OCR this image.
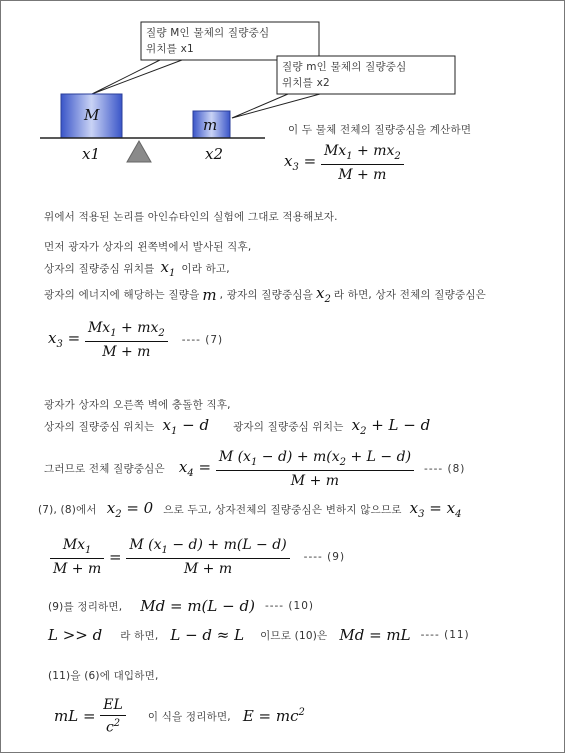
질량 M인 물체의 질량중심
위치를 x1
질량 m인 물체의 질량중심
위치를 x2
M
m
x1	x2
이 두 물체 전체의 질량중심을 계산하면
$x_3 = \frac{Mx_1 + mx_2}{M + m}$
위에서 적용된 논리를 아인슈타인의 실험에 그대로 적용해보자.
먼저 광자가 상자의 왼쪽벽에서 발사된 직후,
상자의 질량중심 위치를 $x_1$ 이라 하고,
광자의 에너지에 해당하는 질량을 m , 광자의 질량중심을 $x_2$ 라 하면, 상자 전체의 질량중심은
$x_3 = \frac{Mx_1 + mx_2}{M + m}$ ---- (7)
광자가 상자의 오른쪽 벽에 충돌한 직후,
상자의 질량중심 위치는 $x_1 - d$ 광자의 질량중심 위치는 $x_2 + L - d$
그러므로 전체 질량중심은 $x_4 = \frac{M (x_1 - d) + m(x_2 + L - d)}{M + m}$ ---- (8)
(7), (8)에서 $x_2 = 0$ 으로 두고, 상자전체의 질량중심은 변하지 않으므로 $x_3 = x_4$
$\frac{Mx_1}{M + m} = \frac{M (x_1 - d) + m(L - d)}{M + m}$ ---- (9)
(9)를 정리하면, Md = m(L − d) ---- (10)
L >> d 라 하면, L − d ≈ L 이므로 (10)은 Md = mL ---- (11)
(11)을 (6)에 대입하면,
mL = $\frac{EL}{c^2}$ 이 식을 정리하면, $E = mc^2$
